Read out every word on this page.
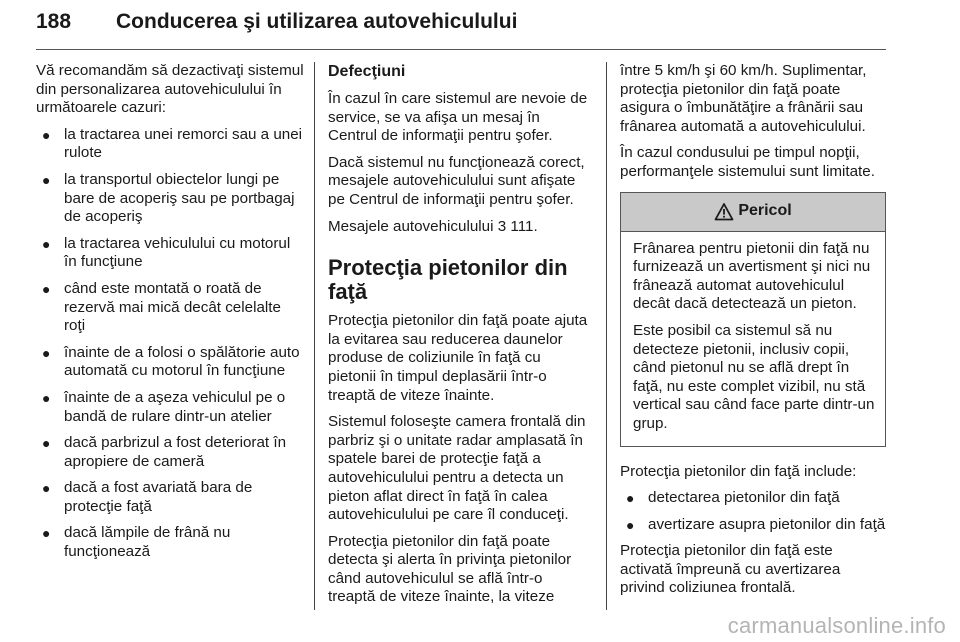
188 Conducerea şi utilizarea autovehiculului

Vă recomandăm să dezactivaţi sistemul din personalizarea autovehiculului în următoarele cazuri:

● la tractarea unei remorci sau a unei rulote
● la transportul obiectelor lungi pe bare de acoperiş sau pe portbagaj de acoperiş
● la tractarea vehiculului cu motorul în funcţiune
● când este montată o roată de rezervă mai mică decât celelalte roţi
● înainte de a folosi o spălătorie auto automată cu motorul în funcţiune
● înainte de a aşeza vehiculul pe o bandă de rulare dintr-un atelier
● dacă parbrizul a fost deteriorat în apropiere de cameră
● dacă a fost avariată bara de protecţie faţă
● dacă lămpile de frână nu funcţionează
Defecţiuni

În cazul în care sistemul are nevoie de service, se va afişa un mesaj în Centrul de informaţii pentru şofer.

Dacă sistemul nu funcţionează corect, mesajele autovehiculului sunt afişate pe Centrul de informaţii pentru şofer.

Mesajele autovehiculului 3 111.

Protecţia pietonilor din faţă

Protecţia pietonilor din faţă poate ajuta la evitarea sau reducerea daunelor produse de coliziunile în faţă cu pietonii în timpul deplasării într-o treaptă de viteze înainte.

Sistemul foloseşte camera frontală din parbriz şi o unitate radar amplasată în spatele barei de protecţie faţă a autovehiculului pentru a detecta un pieton aflat direct în faţă în calea autovehiculului pe care îl conduceţi.

Protecţia pietonilor din faţă poate detecta şi alerta în privinţa pietonilor când autovehiculul se află într-o treaptă de viteze înainte, la viteze

între 5 km/h şi 60 km/h. Suplimentar, protecţia pietonilor din faţă poate asigura o îmbunătăţire a frânării sau frânarea automată a autovehiculului.

În cazul condusului pe timpul nopţii, performanţele sistemului sunt limitate.

Pericol

Frânarea pentru pietonii din faţă nu furnizează un avertisment şi nici nu frânează automat autovehiculul decât dacă detectează un pieton.

Este posibil ca sistemul să nu detecteze pietonii, inclusiv copii, când pietonul nu se află drept în faţă, nu este complet vizibil, nu stă vertical sau când face parte dintr-un grup.

Protecţia pietonilor din faţă include:

● detectarea pietonilor din faţă
● avertizare asupra pietonilor din faţă

Protecţia pietonilor din faţă este activată împreună cu avertizarea privind coliziunea frontală.

carmanualsonline.info
